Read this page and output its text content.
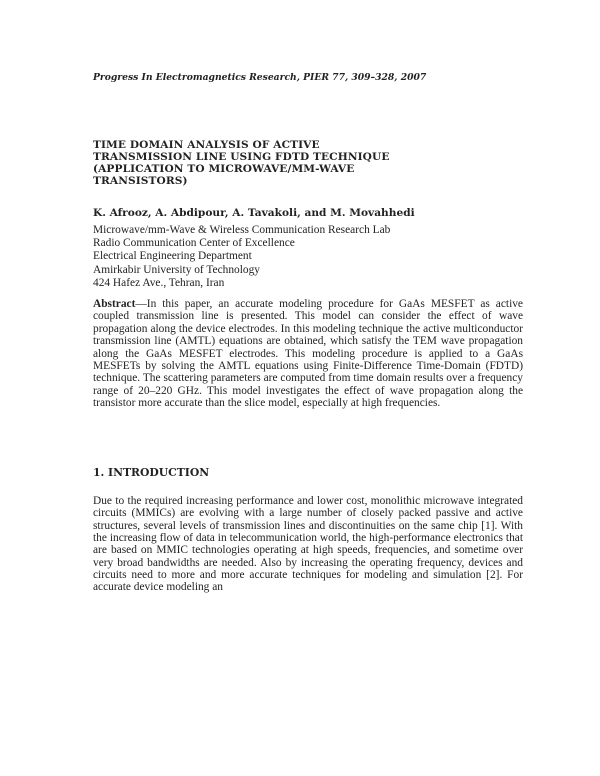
Progress In Electromagnetics Research, PIER 77, 309–328, 2007
TIME DOMAIN ANALYSIS OF ACTIVE
TRANSMISSION LINE USING FDTD TECHNIQUE
(APPLICATION TO MICROWAVE/MM-WAVE
TRANSISTORS)
K. Afrooz, A. Abdipour, A. Tavakoli, and M. Movahhedi
Microwave/mm-Wave & Wireless Communication Research Lab
Radio Communication Center of Excellence
Electrical Engineering Department
Amirkabir University of Technology
424 Hafez Ave., Tehran, Iran
Abstract—In this paper, an accurate modeling procedure for GaAs MESFET as active coupled transmission line is presented. This model can consider the effect of wave propagation along the device electrodes. In this modeling technique the active multiconductor transmission line (AMTL) equations are obtained, which satisfy the TEM wave propagation along the GaAs MESFET electrodes. This modeling procedure is applied to a GaAs MESFETs by solving the AMTL equations using Finite-Difference Time-Domain (FDTD) technique. The scattering parameters are computed from time domain results over a frequency range of 20–220 GHz. This model investigates the effect of wave propagation along the transistor more accurate than the slice model, especially at high frequencies.
1. INTRODUCTION

Due to the required increasing performance and lower cost, monolithic microwave integrated circuits (MMICs) are evolving with a large number of closely packed passive and active structures, several levels of transmission lines and discontinuities on the same chip [1]. With the increasing flow of data in telecommunication world, the high-performance electronics that are based on MMIC technologies operating at high speeds, frequencies, and sometime over very broad bandwidths are needed. Also by increasing the operating frequency, devices and circuits need to more and more accurate techniques for modeling and simulation [2]. For accurate device modeling an
